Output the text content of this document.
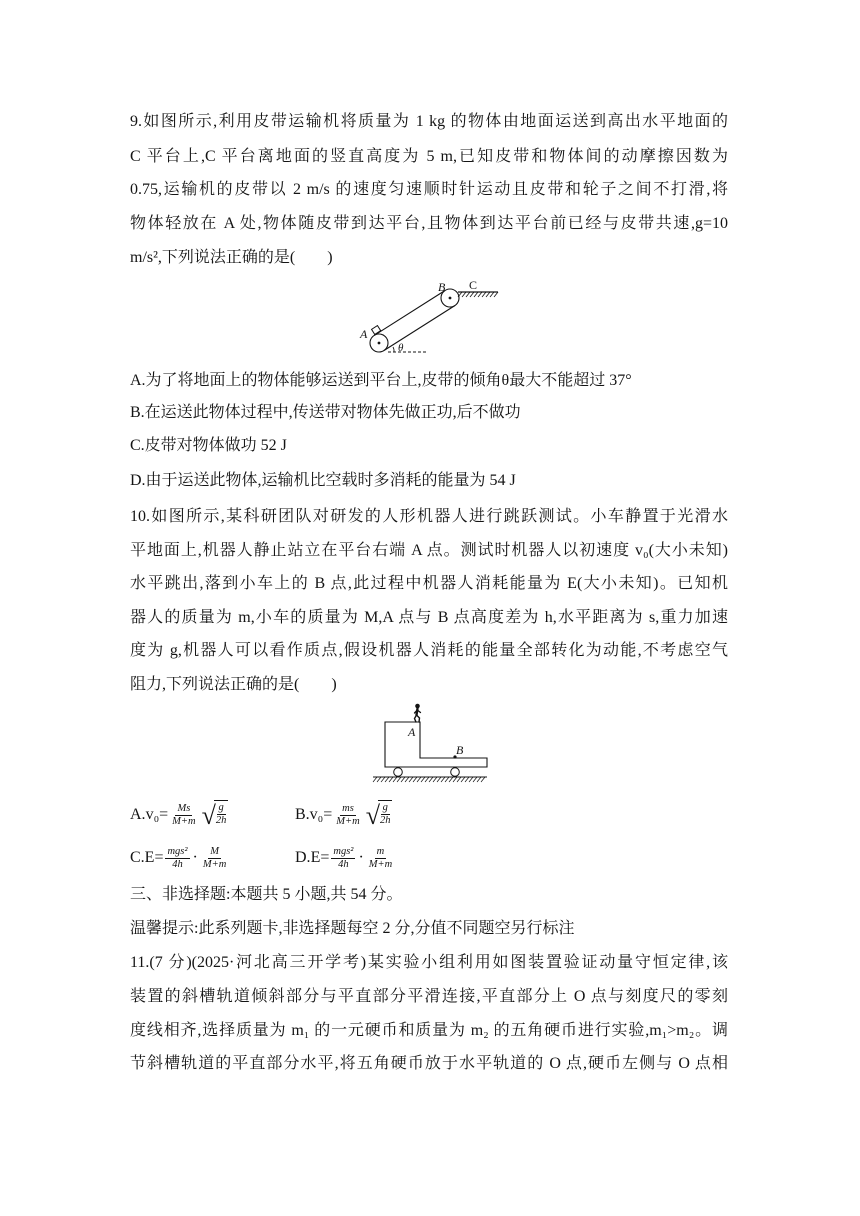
9.如图所示,利用皮带运输机将质量为 1 kg 的物体由地面运送到高出水平地面的
C 平台上,C 平台离地面的竖直高度为 5 m,已知皮带和物体间的动摩擦因数为
0.75,运输机的皮带以 2 m/s 的速度匀速顺时针运动且皮带和轮子之间不打滑,将
物体轻放在 A 处,物体随皮带到达平台,且物体到达平台前已经与皮带共速,g=10
m/s²,下列说法正确的是(　　)
A
B C
θ
A.为了将地面上的物体能够运送到平台上,皮带的倾角θ最大不能超过 37°
B.在运送此物体过程中,传送带对物体先做正功,后不做功
C.皮带对物体做功 52 J
D.由于运送此物体,运输机比空载时多消耗的能量为 54 J
10.如图所示,某科研团队对研发的人形机器人进行跳跃测试。小车静置于光滑水
平地面上,机器人静止站立在平台右端 A 点。测试时机器人以初速度 v₀(大小未知)
水平跳出,落到小车上的 B 点,此过程中机器人消耗能量为 E(大小未知)。已知机
器人的质量为 m,小车的质量为 M,A 点与 B 点高度差为 h,水平距离为 s,重力加速
度为 g,机器人可以看作质点,假设机器人消耗的能量全部转化为动能,不考虑空气
阻力,下列说法正确的是(　　)
A
B
A. $v_0= \frac{Ms}{M+m}$ √
$\frac{g}{2h}$	B. $v_0= \frac{ms}{M+m}$ √
$\frac{g}{2h}$
C. $E= \frac{\text{mgs²}}{4h} \cdot \frac{M}{M+m}$	D. $E= \frac{\text{mgs²}}{4h} \cdot \frac{m}{M+m}$
三、非选择题:本题共 5 小题,共 54 分。
温馨提示:此系列题卡,非选择题每空 2 分,分值不同题空另行标注
11.(7 分)(2025·河北高三开学考)某实验小组利用如图装置验证动量守恒定律,该
装置的斜槽轨道倾斜部分与平直部分平滑连接,平直部分上 O 点与刻度尺的零刻
度线相齐,选择质量为 m₁ 的一元硬币和质量为 m₂ 的五角硬币进行实验,m₁>m₂。调
节斜槽轨道的平直部分水平,将五角硬币放于水平轨道的 O 点,硬币左侧与 O 点相
